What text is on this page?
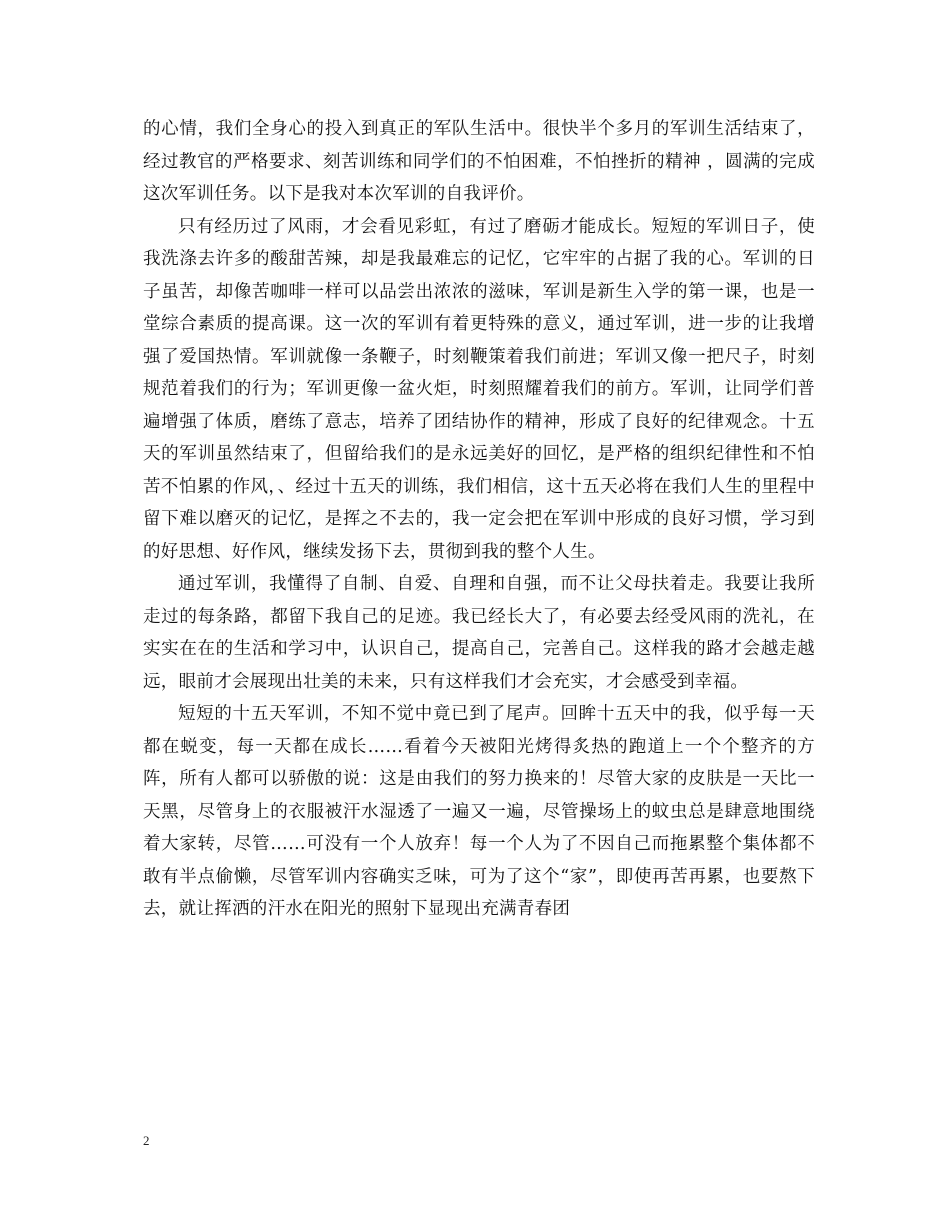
的心情，我们全身心的投入到真正的军队生活中。很快半个多月的军训生活结束了，经过教官的严格要求、刻苦训练和同学们的不怕困难，不怕挫折的精神 ，圆满的完成这次军训任务。以下是我对本次军训的自我评价。

只有经历过了风雨，才会看见彩虹，有过了磨砺才能成长。短短的军训日子，使我洗涤去许多的酸甜苦辣，却是我最难忘的记忆，它牢牢的占据了我的心。军训的日子虽苦，却像苦咖啡一样可以品尝出浓浓的滋味，军训是新生入学的第一课，也是一堂综合素质的提高课。这一次的军训有着更特殊的意义，通过军训，进一步的让我增强了爱国热情。军训就像一条鞭子，时刻鞭策着我们前进；军训又像一把尺子，时刻规范着我们的行为；军训更像一盆火炬，时刻照耀着我们的前方。军训，让同学们普遍增强了体质，磨练了意志，培养了团结协作的精神，形成了良好的纪律观念。十五天的军训虽然结束了，但留给我们的是永远美好的回忆，是严格的组织纪律性和不怕苦不怕累的作风，、经过十五天的训练，我们相信，这十五天必将在我们人生的里程中留下难以磨灭的记忆，是挥之不去的，我一定会把在军训中形成的良好习惯，学习到的好思想、好作风，继续发扬下去，贯彻到我的整个人生。

通过军训，我懂得了自制、自爱、自理和自强，而不让父母扶着走。我要让我所走过的每条路，都留下我自己的足迹。我已经长大了，有必要去经受风雨的洗礼，在实实在在的生活和学习中，认识自己，提高自己，完善自己。这样我的路才会越走越远，眼前才会展现出壮美的未来，只有这样我们才会充实，才会感受到幸福。

短短的十五天军训，不知不觉中竟已到了尾声。回眸十五天中的我，似乎每一天都在蜕变，每一天都在成长……看着今天被阳光烤得炙热的跑道上一个个整齐的方阵，所有人都可以骄傲的说：这是由我们的努力换来的！尽管大家的皮肤是一天比一天黑，尽管身上的衣服被汗水湿透了一遍又一遍，尽管操场上的蚊虫总是肆意地围绕着大家转，尽管……可没有一个人放弃！每一个人为了不因自己而拖累整个集体都不敢有半点偷懒，尽管军训内容确实乏味，可为了这个“家”，即使再苦再累，也要熬下去，就让挥洒的汗水在阳光的照射下显现出充满青春团

2
